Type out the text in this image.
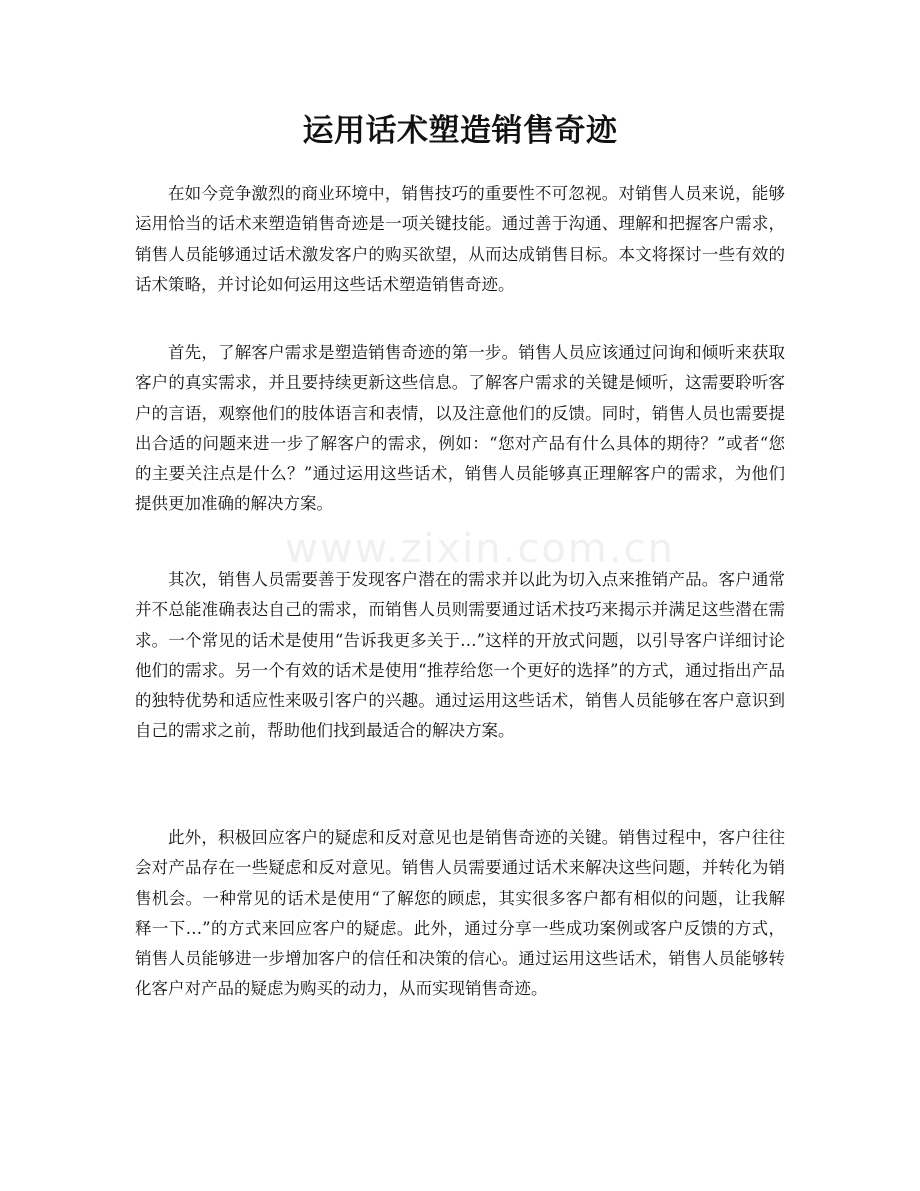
运用话术塑造销售奇迹

在如今竞争激烈的商业环境中，销售技巧的重要性不可忽视。对销售人员来说，能够运用恰当的话术来塑造销售奇迹是一项关键技能。通过善于沟通、理解和把握客户需求，销售人员能够通过话术激发客户的购买欲望，从而达成销售目标。本文将探讨一些有效的话术策略，并讨论如何运用这些话术塑造销售奇迹。

首先，了解客户需求是塑造销售奇迹的第一步。销售人员应该通过问询和倾听来获取客户的真实需求，并且要持续更新这些信息。了解客户需求的关键是倾听，这需要聆听客户的言语，观察他们的肢体语言和表情，以及注意他们的反馈。同时，销售人员也需要提出合适的问题来进一步了解客户的需求，例如：“您对产品有什么具体的期待？”或者“您的主要关注点是什么？”通过运用这些话术，销售人员能够真正理解客户的需求，为他们提供更加准确的解决方案。

其次，销售人员需要善于发现客户潜在的需求并以此为切入点来推销产品。客户通常并不总能准确表达自己的需求，而销售人员则需要通过话术技巧来揭示并满足这些潜在需求。一个常见的话术是使用“告诉我更多关于…”这样的开放式问题，以引导客户详细讨论他们的需求。另一个有效的话术是使用“推荐给您一个更好的选择”的方式，通过指出产品的独特优势和适应性来吸引客户的兴趣。通过运用这些话术，销售人员能够在客户意识到自己的需求之前，帮助他们找到最适合的解决方案。

此外，积极回应客户的疑虑和反对意见也是销售奇迹的关键。销售过程中，客户往往会对产品存在一些疑虑和反对意见。销售人员需要通过话术来解决这些问题，并转化为销售机会。一种常见的话术是使用“了解您的顾虑，其实很多客户都有相似的问题，让我解释一下…”的方式来回应客户的疑虑。此外，通过分享一些成功案例或客户反馈的方式，销售人员能够进一步增加客户的信任和决策的信心。通过运用这些话术，销售人员能够转化客户对产品的疑虑为购买的动力，从而实现销售奇迹。

www.zixin.com.cn
